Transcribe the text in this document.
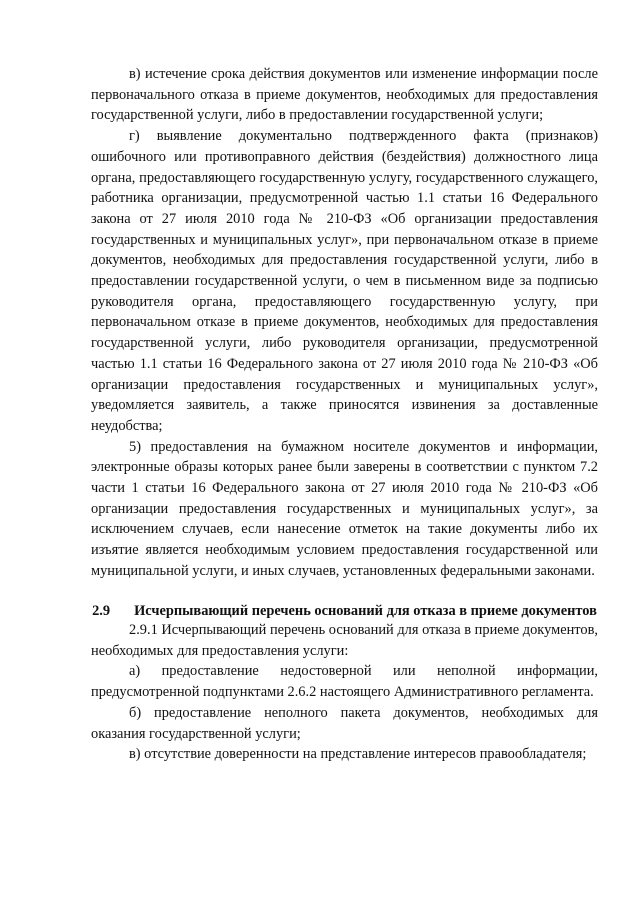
в) истечение срока действия документов или изменение информации после первоначального отказа в приеме документов, необходимых для предоставления государственной услуги, либо в предоставлении государственной услуги;

г) выявление документально подтвержденного факта (признаков) ошибочного или противоправного действия (бездействия) должностного лица органа, предоставляющего государственную услугу, государственного служащего, работника организации, предусмотренной частью 1.1 статьи 16 Федерального закона от 27 июля 2010 года № 210-ФЗ «Об организации предоставления государственных и муниципальных услуг», при первоначальном отказе в приеме документов, необходимых для предоставления государственной услуги, либо в предоставлении государственной услуги, о чем в письменном виде за подписью руководителя органа, предоставляющего государственную услугу, при первоначальном отказе в приеме документов, необходимых для предоставления государственной услуги, либо руководителя организации, предусмотренной частью 1.1 статьи 16 Федерального закона от 27 июля 2010 года № 210-ФЗ «Об организации предоставления государственных и муниципальных услуг», уведомляется заявитель, а также приносятся извинения за доставленные неудобства;

5) предоставления на бумажном носителе документов и информации, электронные образы которых ранее были заверены в соответствии с пунктом 7.2 части 1 статьи 16 Федерального закона от 27 июля 2010 года № 210-ФЗ «Об организации предоставления государственных и муниципальных услуг», за исключением случаев, если нанесение отметок на такие документы либо их изъятие является необходимым условием предоставления государственной или муниципальной услуги, и иных случаев, установленных федеральными законами.

2.9 Исчерпывающий перечень оснований для отказа в приеме документов

2.9.1 Исчерпывающий перечень оснований для отказа в приеме документов, необходимых для предоставления услуги:

а) предоставление недостоверной или неполной информации, предусмотренной подпунктами 2.6.2 настоящего Административного регламента.

б) предоставление неполного пакета документов, необходимых для оказания государственной услуги;

в) отсутствие доверенности на представление интересов правообладателя;
